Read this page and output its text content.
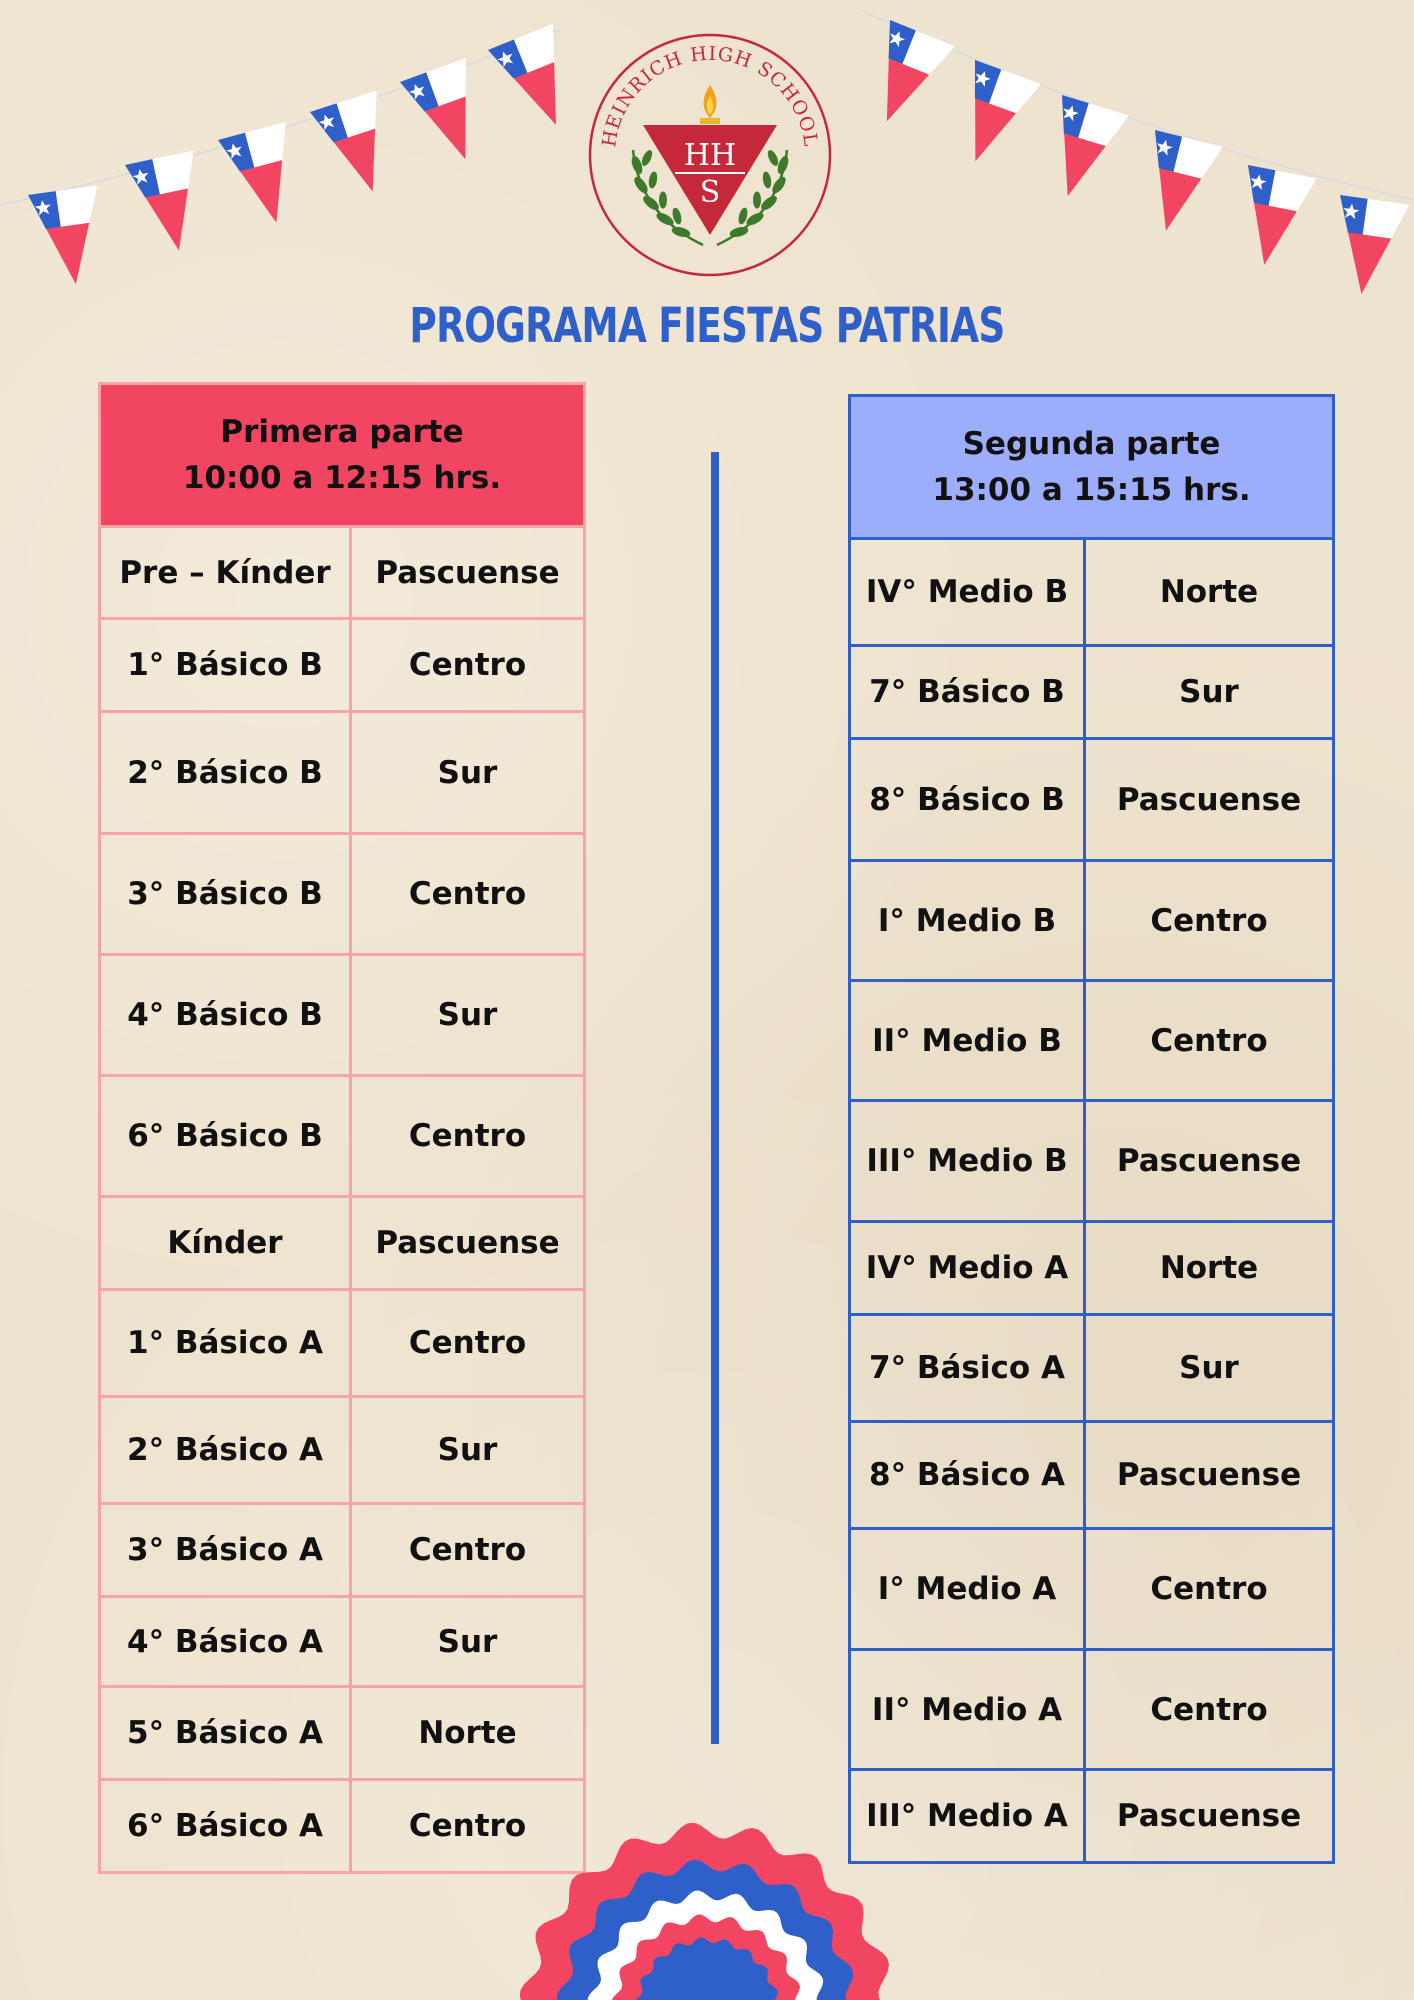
HEINRICH HIGH SCHOOL
HH
S
PROGRAMA FIESTAS PATRIAS
Primera parte
10:00 a 12:15 hrs.	

Pre – Kínder	Pascuense
1° Básico B	Centro
2° Básico B	Sur
3° Básico B	Centro
4° Básico B	Sur
6° Básico B	Centro
Kínder	Pascuense
1° Básico A	Centro
2° Básico A	Sur
3° Básico A	Centro
4° Básico A	Sur
5° Básico A	Norte
6° Básico A	Centro
Segunda parte
13:00 a 15:15 hrs.	

IV° Medio B	Norte
7° Básico B	Sur
8° Básico B	Pascuense
I° Medio B	Centro
II° Medio B	Centro
III° Medio B	Pascuense
IV° Medio A	Norte
7° Básico A	Sur
8° Básico A	Pascuense
I° Medio A	Centro
II° Medio A	Centro
III° Medio A	Pascuense
